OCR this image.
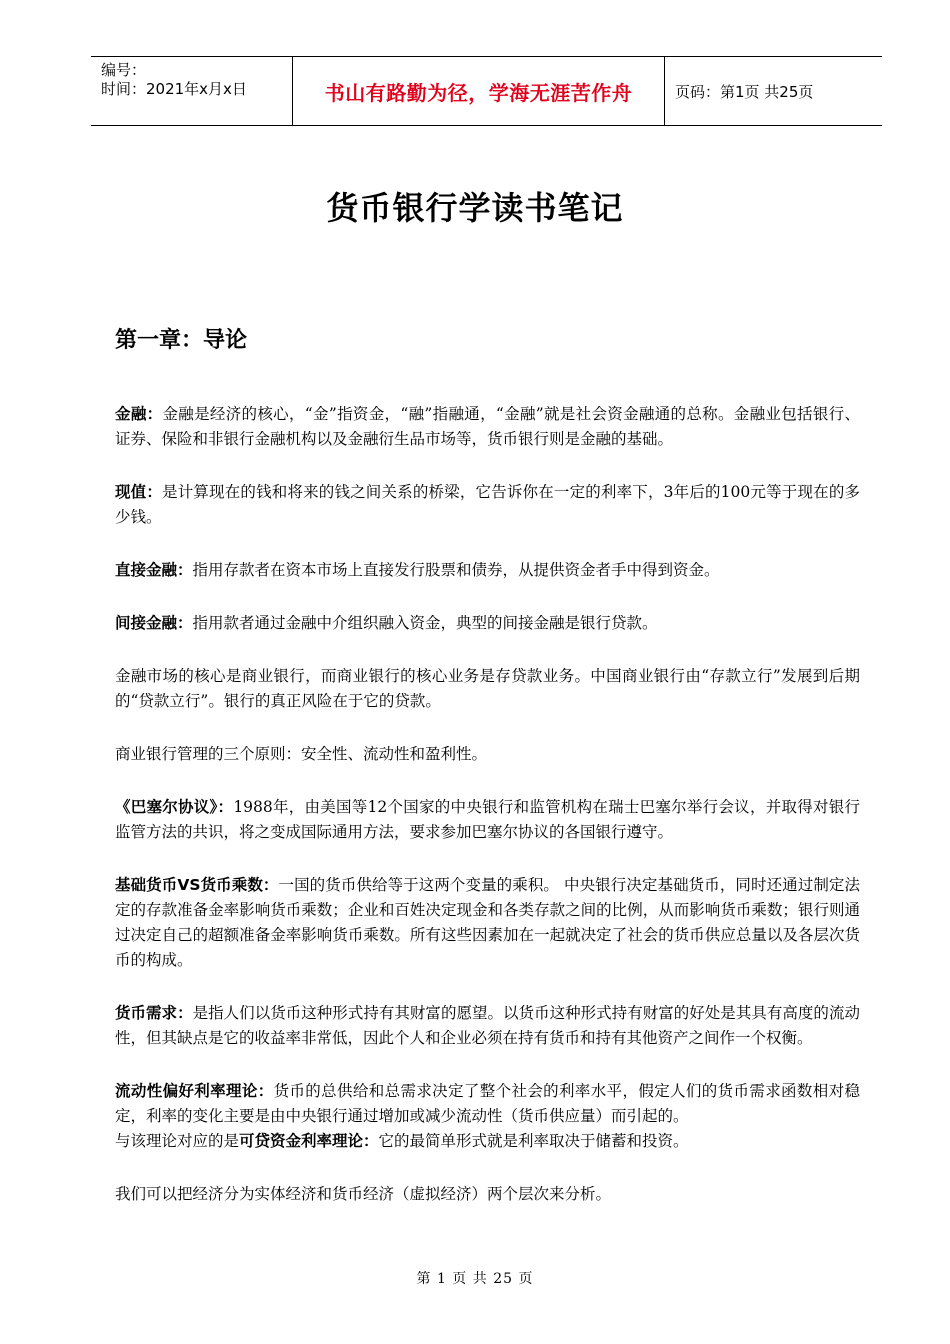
编号：
时间：2021年x月x日	书山有路勤为径，学海无涯苦作舟	页码：第1页 共25页
货币银行学读书笔记
第一章：导论

金融：金融是经济的核心，“金”指资金，“融”指融通，“金融”就是社会资金融通的总称。金融业包括银行、证券、保险和非银行金融机构以及金融衍生品市场等，货币银行则是金融的基础。

现值：是计算现在的钱和将来的钱之间关系的桥梁，它告诉你在一定的利率下，3年后的100元等于现在的多少钱。

直接金融：指用存款者在资本市场上直接发行股票和债券，从提供资金者手中得到资金。

间接金融：指用款者通过金融中介组织融入资金，典型的间接金融是银行贷款。

金融市场的核心是商业银行，而商业银行的核心业务是存贷款业务。中国商业银行由“存款立行”发展到后期的“贷款立行”。银行的真正风险在于它的贷款。

商业银行管理的三个原则：安全性、流动性和盈利性。

《巴塞尔协议》：1988年，由美国等12个国家的中央银行和监管机构在瑞士巴塞尔举行会议，并取得对银行监管方法的共识，将之变成国际通用方法，要求参加巴塞尔协议的各国银行遵守。

基础货币VS货币乘数：一国的货币供给等于这两个变量的乘积。 中央银行决定基础货币，同时还通过制定法定的存款准备金率影响货币乘数；企业和百姓决定现金和各类存款之间的比例，从而影响货币乘数；银行则通过决定自己的超额准备金率影响货币乘数。所有这些因素加在一起就决定了社会的货币供应总量以及各层次货币的构成。

货币需求：是指人们以货币这种形式持有其财富的愿望。以货币这种形式持有财富的好处是其具有高度的流动性，但其缺点是它的收益率非常低，因此个人和企业必须在持有货币和持有其他资产之间作一个权衡。

流动性偏好利率理论：货币的总供给和总需求决定了整个社会的利率水平，假定人们的货币需求函数相对稳定，利率的变化主要是由中央银行通过增加或减少流动性（货币供应量）而引起的。

与该理论对应的是可贷资金利率理论：它的最简单形式就是利率取决于储蓄和投资。

我们可以把经济分为实体经济和货币经济（虚拟经济）两个层次来分析。

第 1 页 共 25 页
